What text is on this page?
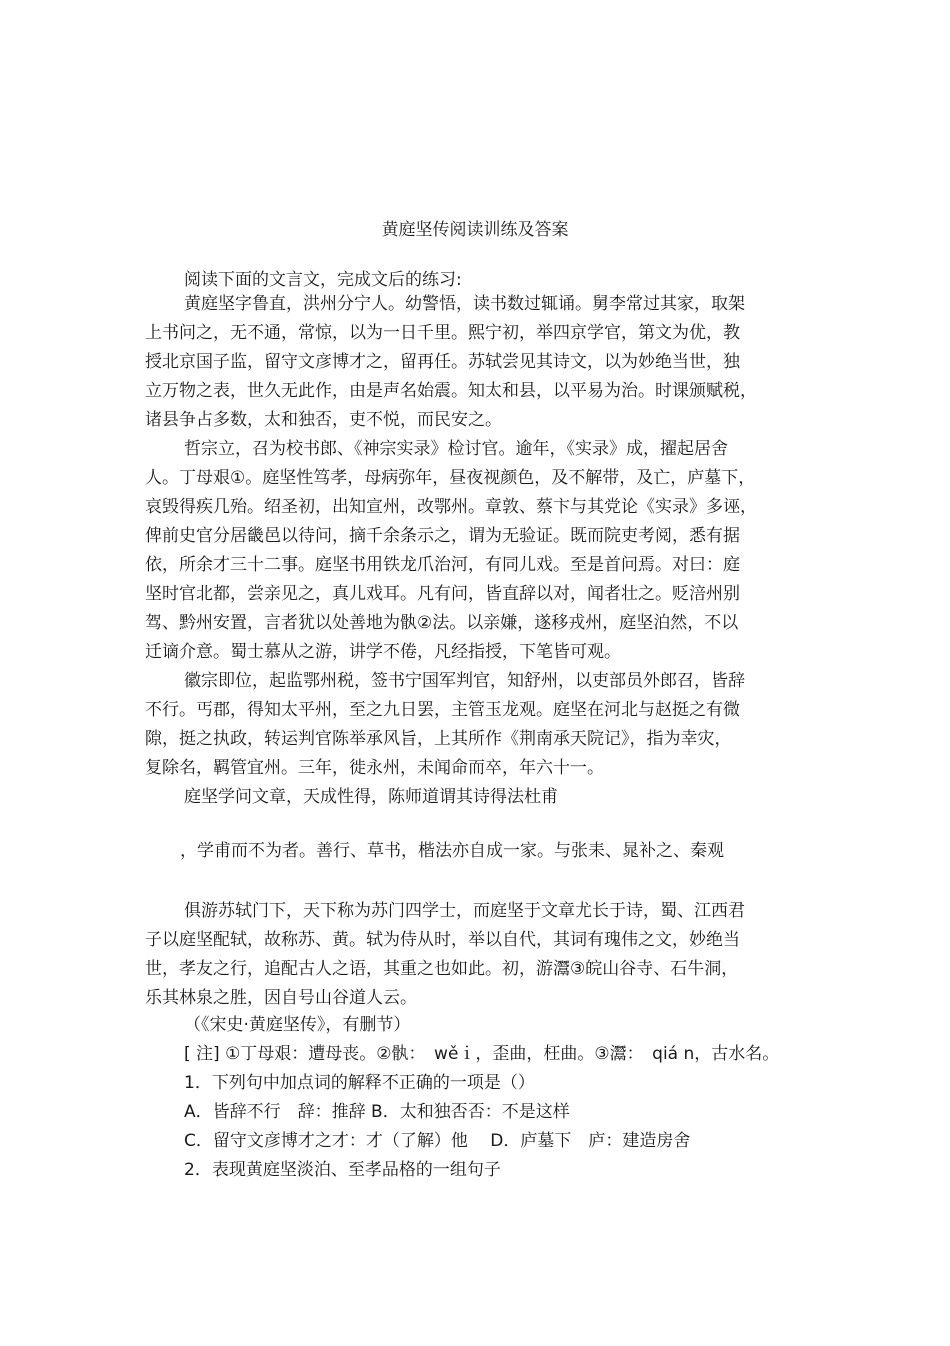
黄庭坚传阅读训练及答案
阅读下面的文言文，完成文后的练习:
黄庭坚字鲁直，洪州分宁人。幼警悟，读书数过辄诵。舅李常过其家，取架
上书问之，无不通，常惊，以为一日千里。熙宁初，举四京学官，第文为优，教
授北京国子监，留守文彦博才之，留再任。苏轼尝见其诗文，以为妙绝当世，独
立万物之表，世久无此作，由是声名始震。知太和县，以平易为治。时课颁赋税，
诸县争占多数，太和独否，吏不悦，而民安之。
哲宗立，召为校书郎、《神宗实录》检讨官。逾年，《实录》成，擢起居舍
人。丁母艰①。庭坚性笃孝，母病弥年，昼夜视颜色，及不解带，及亡，庐墓下，
哀毁得疾几殆。绍圣初，出知宣州，改鄂州。章敦、蔡卞与其党论《实录》多诬，
俾前史官分居畿邑以待问，摘千余条示之，谓为无验证。既而院吏考阅，悉有据
依，所余才三十二事。庭坚书用铁龙爪治河，有同儿戏。至是首问焉。对曰：庭
坚时官北都，尝亲见之，真儿戏耳。凡有问，皆直辞以对，闻者壮之。贬涪州别
驾、黔州安置，言者犹以处善地为骫②法。以亲嫌，遂移戎州，庭坚泊然，不以
迁谪介意。蜀士慕从之游，讲学不倦，凡经指授，下笔皆可观。
徽宗即位，起监鄂州税，签书宁国军判官，知舒州，以吏部员外郎召，皆辞
不行。丐郡，得知太平州，至之九日罢，主管玉龙观。庭坚在河北与赵挺之有微
隙，挺之执政，转运判官陈举承风旨，上其所作《荆南承天院记》，指为幸灾，
复除名，羁管宜州。三年，徙永州，未闻命而卒，年六十一。
庭坚学问文章，天成性得，陈师道谓其诗得法杜甫
，学甫而不为者。善行、草书，楷法亦自成一家。与张耒、晁补之、秦观
俱游苏轼门下，天下称为苏门四学士，而庭坚于文章尤长于诗，蜀、江西君
子以庭坚配轼，故称苏、黄。轼为侍从时，举以自代，其词有瑰伟之文，妙绝当
世，孝友之行，追配古人之语，其重之也如此。初，游灊③皖山谷寺、石牛洞，
乐其林泉之胜，因自号山谷道人云。
（《宋史·黄庭坚传》，有删节）
[ 注] ①丁母艰：遭母丧。②骫：　wěｉ，歪曲，枉曲。③灊：　qiá n，古水名。
1．下列句中加点词的解释不正确的一项是（）
A．皆辞不行　辞：推辞 B．太和独否否：不是这样
C．留守文彦博才之才：才（了解）他　 D．庐墓下　庐：建造房舍
2．表现黄庭坚淡泊、至孝品格的一组句子
